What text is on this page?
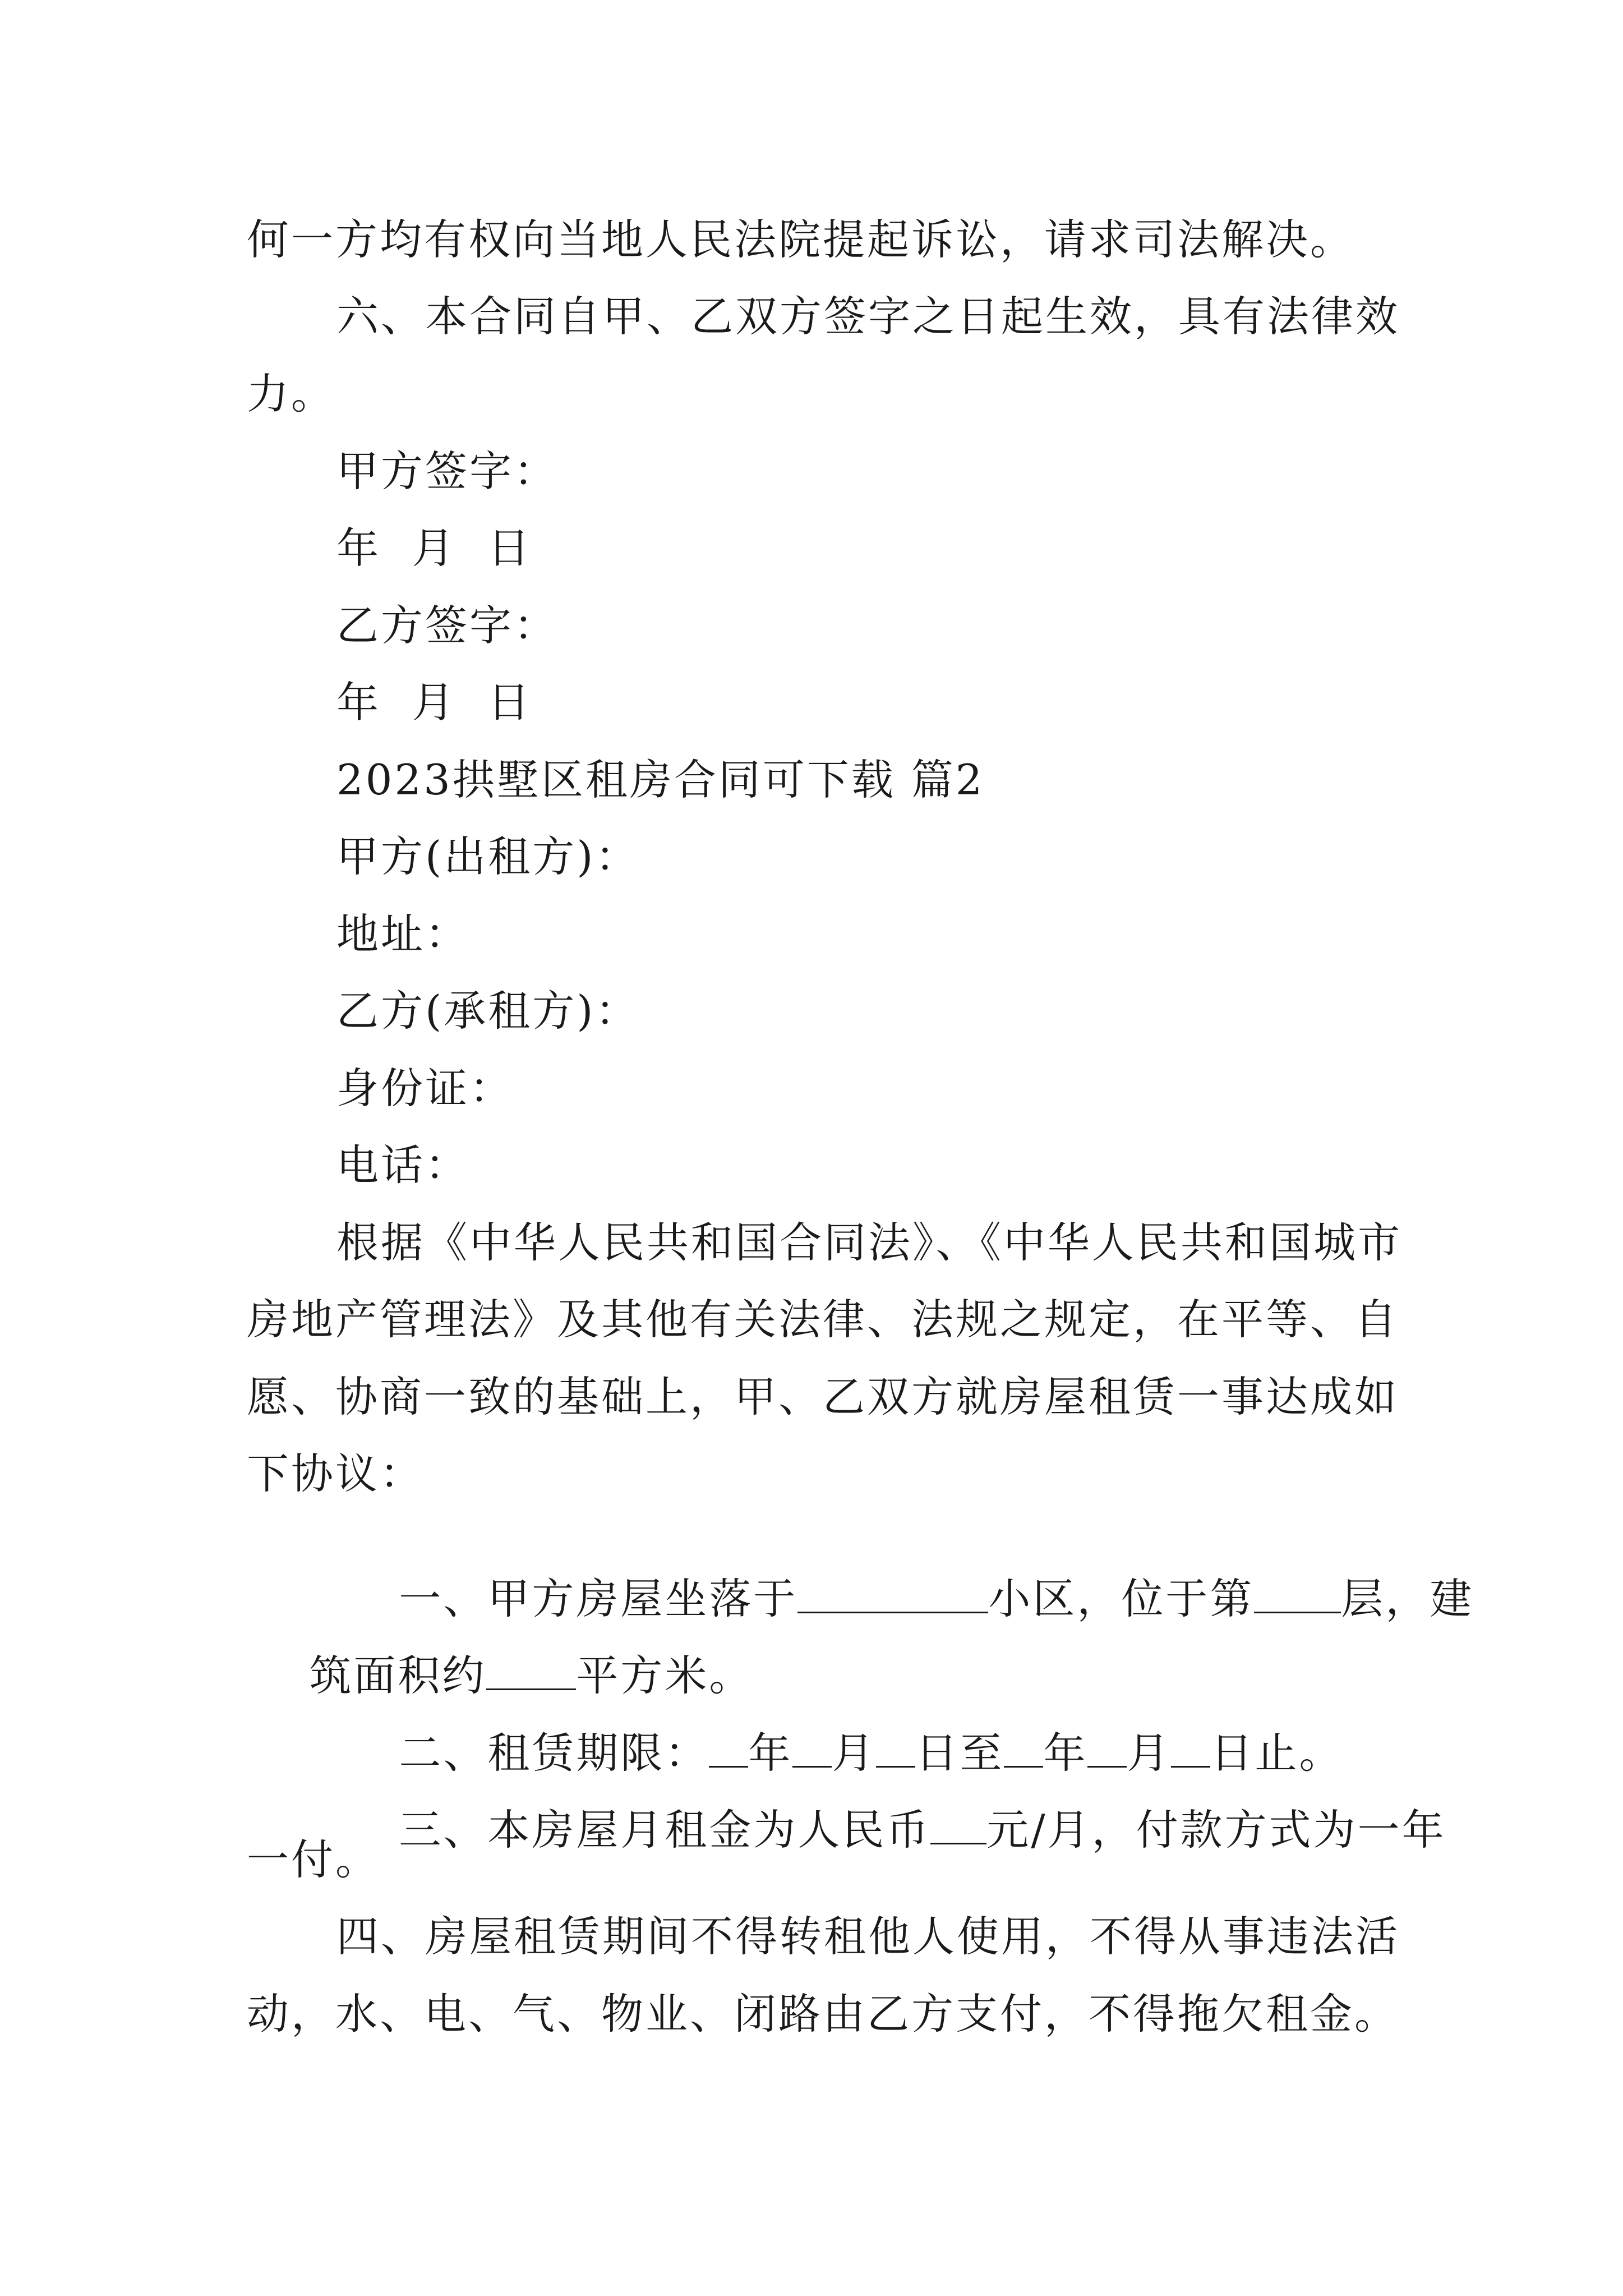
何一方均有权向当地人民法院提起诉讼，请求司法解决。
六、本合同自甲、乙双方签字之日起生效，具有法律效
力。
甲方签字：
年  月  日
乙方签字：
年  月  日
2023拱墅区租房合同可下载 篇2
甲方(出租方)：
地址：
乙方(承租方)：
身份证：
电话：
根据《中华人民共和国合同法》、《中华人民共和国城市
房地产管理法》及其他有关法律、法规之规定，在平等、自
愿、协商一致的基础上，甲、乙双方就房屋租赁一事达成如
下协议：

一、甲方房屋坐落于	小区，位于第 层，建

筑面积约 平方米。

二、租赁期限： 年 月 日至 年 月 日止。

三、本房屋月租金为人民币 元/月，付款方式为一年

一付。
四、房屋租赁期间不得转租他人使用，不得从事违法活
动，水、电、气、物业、闭路由乙方支付，不得拖欠租金。
